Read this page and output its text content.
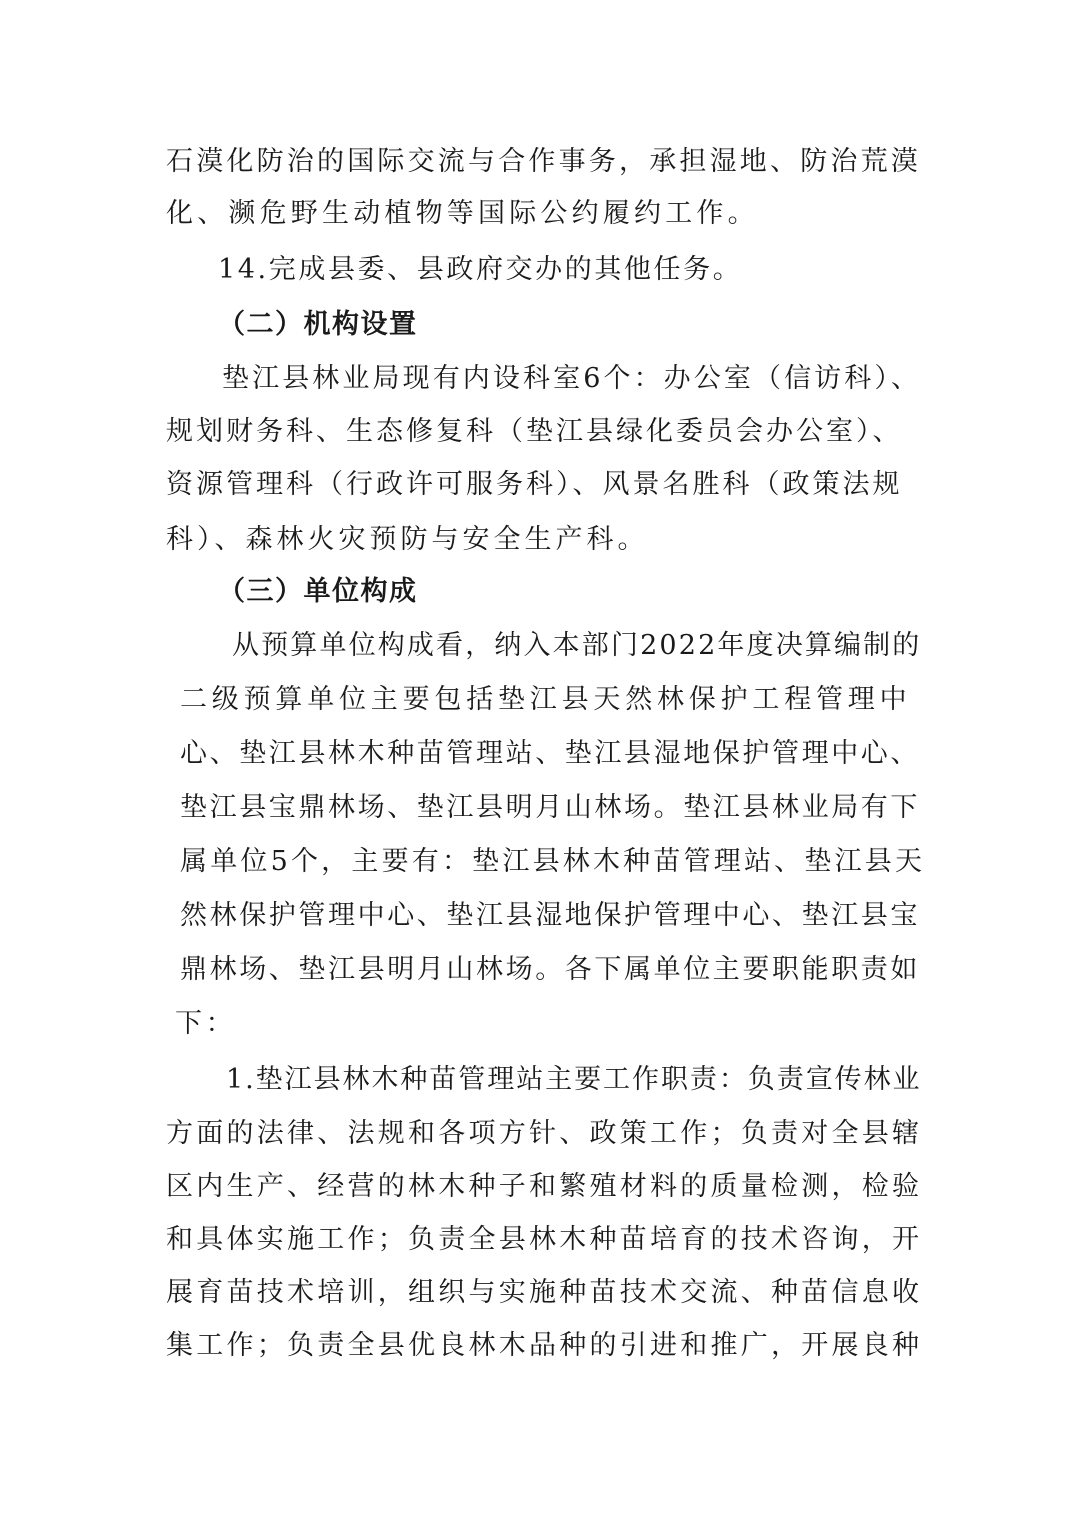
石漠化防治的国际交流与合作事务，承担湿地、防治荒漠
化、濒危野生动植物等国际公约履约工作。
14.完成县委、县政府交办的其他任务。
（二）机构设置
垫江县林业局现有内设科室6个：办公室（信访科）、
规划财务科、生态修复科（垫江县绿化委员会办公室）、
资源管理科（行政许可服务科）、风景名胜科（政策法规
科）、森林火灾预防与安全生产科。
（三）单位构成
从预算单位构成看，纳入本部门2022年度决算编制的
二级预算单位主要包括垫江县天然林保护工程管理中
心、垫江县林木种苗管理站、垫江县湿地保护管理中心、
垫江县宝鼎林场、垫江县明月山林场。垫江县林业局有下
属单位5个，主要有：垫江县林木种苗管理站、垫江县天
然林保护管理中心、垫江县湿地保护管理中心、垫江县宝
鼎林场、垫江县明月山林场。各下属单位主要职能职责如
下：
1.垫江县林木种苗管理站主要工作职责：负责宣传林业
方面的法律、法规和各项方针、政策工作；负责对全县辖
区内生产、经营的林木种子和繁殖材料的质量检测，检验
和具体实施工作；负责全县林木种苗培育的技术咨询，开
展育苗技术培训，组织与实施种苗技术交流、种苗信息收
集工作；负责全县优良林木品种的引进和推广，开展良种
